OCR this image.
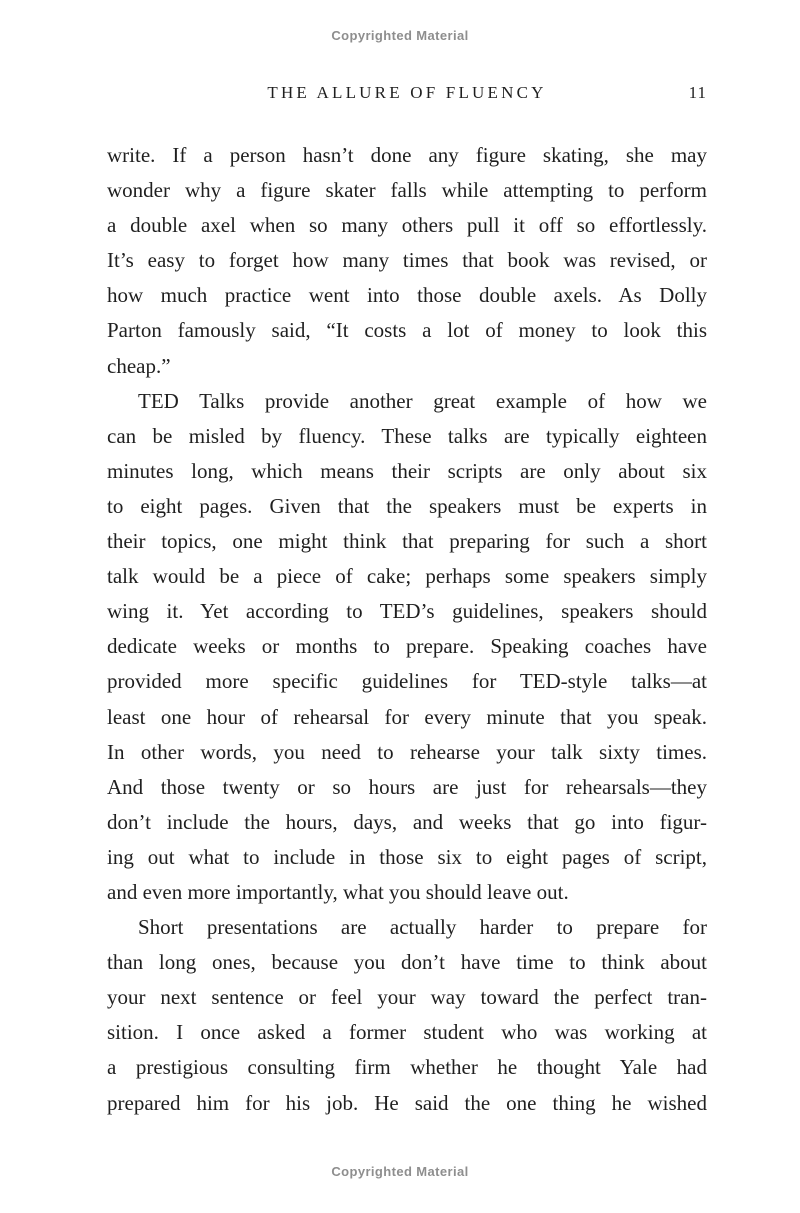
Copyrighted Material
THE ALLURE OF FLUENCY	11
write. If a person hasn’t done any figure skating, she may
wonder why a figure skater falls while attempting to perform
a double axel when so many others pull it off so effortlessly.
It’s easy to forget how many times that book was revised, or
how much practice went into those double axels. As Dolly
Parton famously said, “It costs a lot of money to look this
cheap.”
TED Talks provide another great example of how we
can be misled by fluency. These talks are typically eighteen
minutes long, which means their scripts are only about six
to eight pages. Given that the speakers must be experts in
their topics, one might think that preparing for such a short
talk would be a piece of cake; perhaps some speakers simply
wing it. Yet according to TED’s guidelines, speakers should
dedicate weeks or months to prepare. Speaking coaches have
provided more specific guidelines for TED-style talks—at
least one hour of rehearsal for every minute that you speak.
In other words, you need to rehearse your talk sixty times.
And those twenty or so hours are just for rehearsals—they
don’t include the hours, days, and weeks that go into figur-
ing out what to include in those six to eight pages of script,
and even more importantly, what you should leave out.
Short presentations are actually harder to prepare for
than long ones, because you don’t have time to think about
your next sentence or feel your way toward the perfect tran-
sition. I once asked a former student who was working at
a prestigious consulting firm whether he thought Yale had
prepared him for his job. He said the one thing he wished
Copyrighted Material
